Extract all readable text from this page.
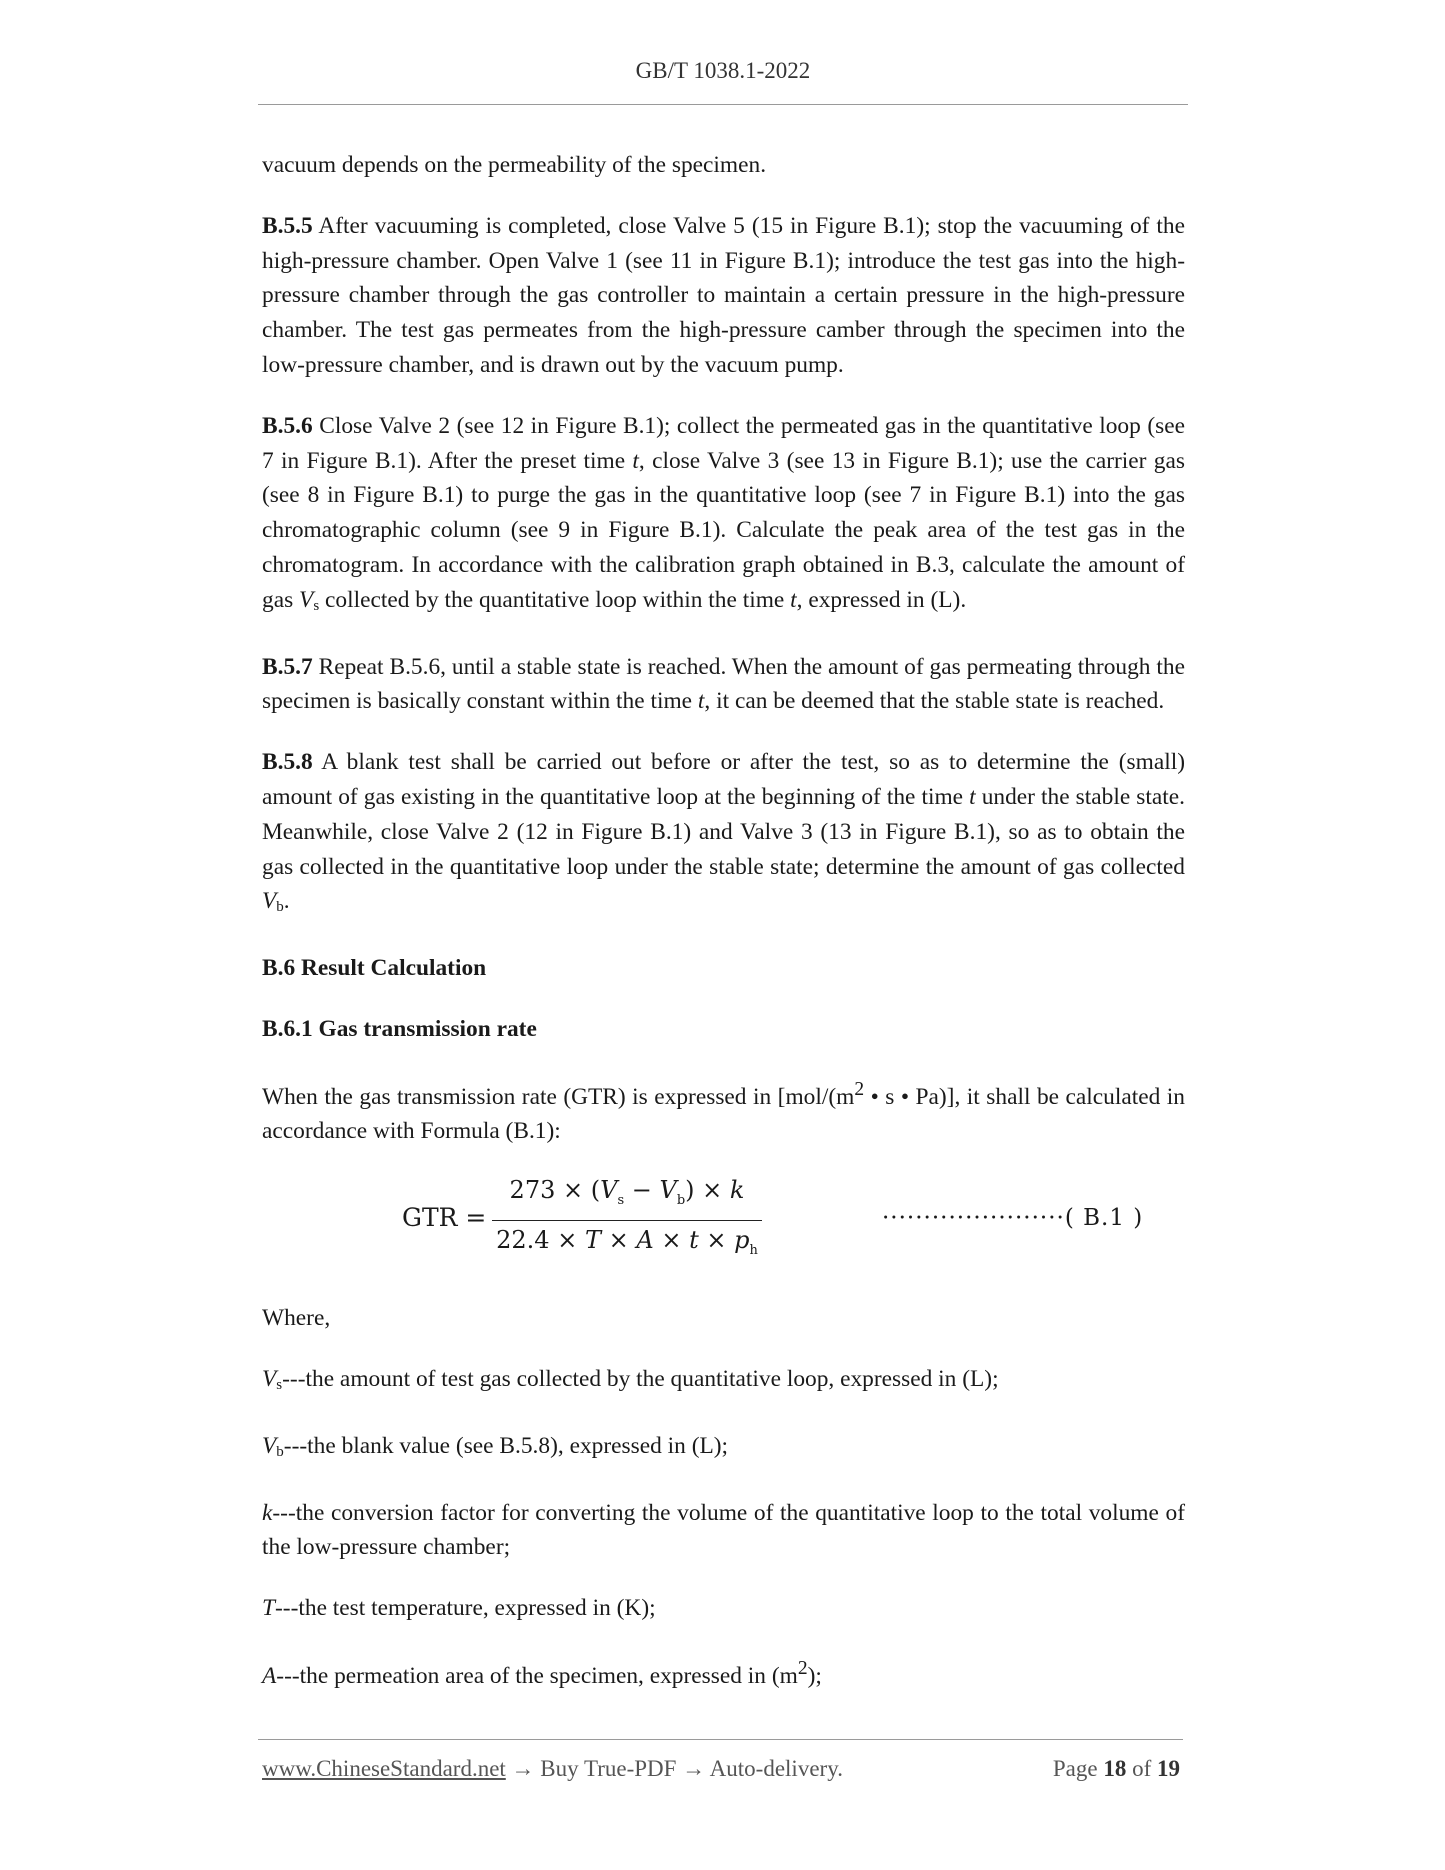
GB/T 1038.1-2022

vacuum depends on the permeability of the specimen.

B.5.5 After vacuuming is completed, close Valve 5 (15 in Figure B.1); stop the vacuuming of the high-pressure chamber. Open Valve 1 (see 11 in Figure B.1); introduce the test gas into the high-pressure chamber through the gas controller to maintain a certain pressure in the high-pressure chamber. The test gas permeates from the high-pressure camber through the specimen into the low-pressure chamber, and is drawn out by the vacuum pump.

B.5.6 Close Valve 2 (see 12 in Figure B.1); collect the permeated gas in the quantitative loop (see 7 in Figure B.1). After the preset time t, close Valve 3 (see 13 in Figure B.1); use the carrier gas (see 8 in Figure B.1) to purge the gas in the quantitative loop (see 7 in Figure B.1) into the gas chromatographic column (see 9 in Figure B.1). Calculate the peak area of the test gas in the chromatogram. In accordance with the calibration graph obtained in B.3, calculate the amount of gas $V_s$ collected by the quantitative loop within the time t, expressed in (L).

B.5.7 Repeat B.5.6, until a stable state is reached. When the amount of gas permeating through the specimen is basically constant within the time t, it can be deemed that the stable state is reached.

B.5.8 A blank test shall be carried out before or after the test, so as to determine the (small) amount of gas existing in the quantitative loop at the beginning of the time t under the stable state. Meanwhile, close Valve 2 (12 in Figure B.1) and Valve 3 (13 in Figure B.1), so as to obtain the gas collected in the quantitative loop under the stable state; determine the amount of gas collected $V_b$.

B.6 Result Calculation
B.6.1 Gas transmission rate

When the gas transmission rate (GTR) is expressed in [$mol/(m^2$ • s • Pa)], it shall be calculated in accordance with Formula (B.1):

GTR = $\frac{273 \times (V_s - V_b) \times k}{22.4 \times T \times A \times t \times p_h}$	······················( B.1 )

Where,

$V_s--$-the amount of test gas collected by the quantitative loop, expressed in (L);

$V_b--$-the blank value (see B.5.8), expressed in (L);

k---the conversion factor for converting the volume of the quantitative loop to the total volume of the low-pressure chamber;

T---the test temperature, expressed in (K);

A---the permeation area of the specimen, expressed in $(m^2)$;

www.ChineseStandard.net → Buy True-PDF → Auto-delivery.	Page 18 of 19
